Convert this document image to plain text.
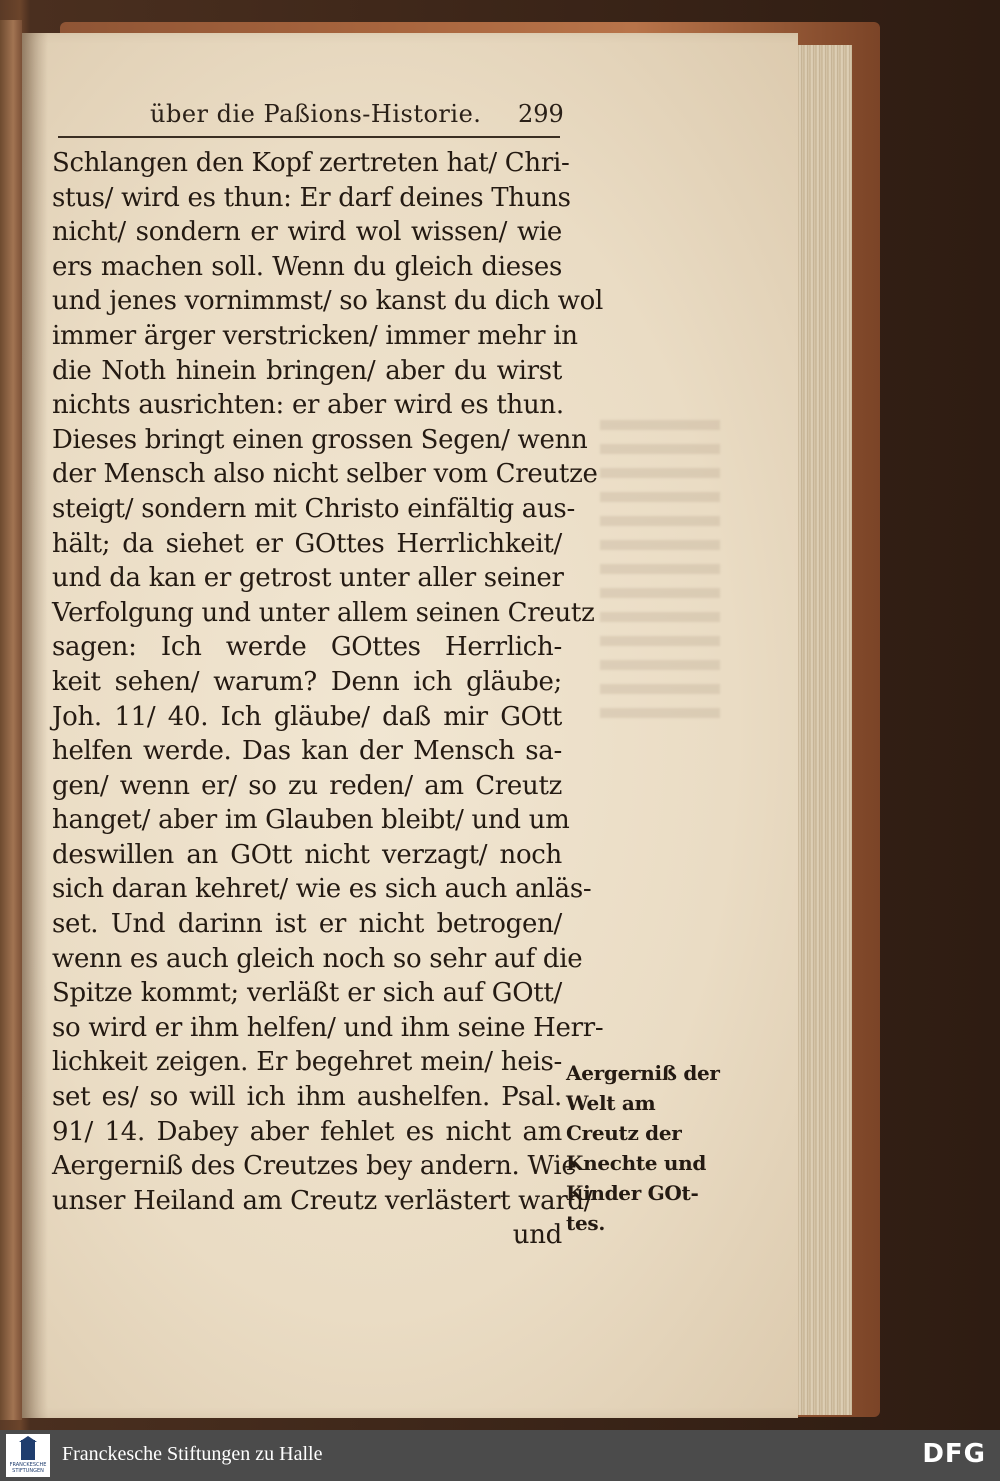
über die Paßions-Historie. 299
Schlangen den Kopf zertreten hat/ Chri-
stus/ wird es thun: Er darf deines Thuns
nicht/ sondern er wird wol wissen/ wie
ers machen soll. Wenn du gleich dieses
und jenes vornimmst/ so kanst du dich wol
immer ärger verstricken/ immer mehr in
die Noth hinein bringen/ aber du wirst
nichts ausrichten: er aber wird es thun.
Dieses bringt einen grossen Segen/ wenn
der Mensch also nicht selber vom Creutze
steigt/ sondern mit Christo einfältig aus-
hält; da siehet er GOttes Herrlichkeit/
und da kan er getrost unter aller seiner
Verfolgung und unter allem seinen Creutz
sagen: Ich werde GOttes Herrlich-
keit sehen/ warum? Denn ich gläube;
Joh. 11/ 40. Ich gläube/ daß mir GOtt
helfen werde. Das kan der Mensch sa-
gen/ wenn er/ so zu reden/ am Creutz
hanget/ aber im Glauben bleibt/ und um
deswillen an GOtt nicht verzagt/ noch
sich daran kehret/ wie es sich auch anläs-
set. Und darinn ist er nicht betrogen/
wenn es auch gleich noch so sehr auf die
Spitze kommt; verläßt er sich auf GOtt/
so wird er ihm helfen/ und ihm seine Herr-
lichkeit zeigen. Er begehret mein/ heis-
set es/ so will ich ihm aushelfen. Psal.
91/ 14. Dabey aber fehlet es nicht am
Aergerniß des Creutzes bey andern. Wie
unser Heiland am Creutz verlästert ward/
und
Aergerniß der
Welt am
Creutz der
Knechte und
Kinder GOt-
tes.
FRANCKESCHE STIFTUNGEN
Franckesche Stiftungen zu Halle	DFG
